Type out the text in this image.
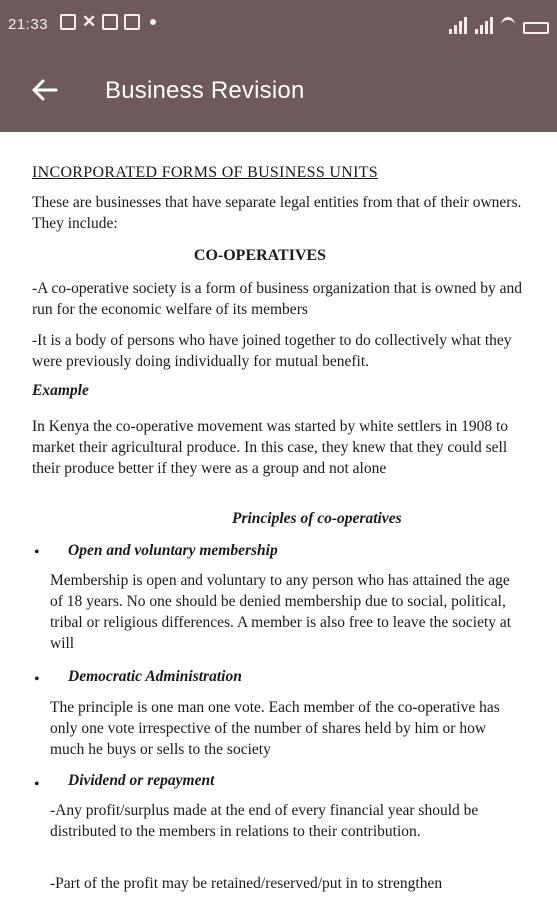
21:33 ✕
Business Revision

INCORPORATED FORMS OF BUSINESS UNITS

These are businesses that have separate legal entities from that of their owners. They include:

CO-OPERATIVES

-A co-operative society is a form of business organization that is owned by and run for the economic welfare of its members

-It is a body of persons who have joined together to do collectively what they were previously doing individually for mutual benefit.

Example

In Kenya the co-operative movement was started by white settlers in 1908 to market their agricultural produce. In this case, they knew that they could sell their produce better if they were as a group and not alone

Principles of co-operatives

• Open and voluntary membership

Membership is open and voluntary to any person who has attained the age of 18 years. No one should be denied membership due to social, political, tribal or religious differences. A member is also free to leave the society at will

• Democratic Administration

The principle is one man one vote. Each member of the co-operative has only one vote irrespective of the number of shares held by him or how much he buys or sells to the society

• Dividend or repayment

-Any profit/surplus made at the end of every financial year should be distributed to the members in relations to their contribution.

-Part of the profit may be retained/reserved/put in to strengthen
